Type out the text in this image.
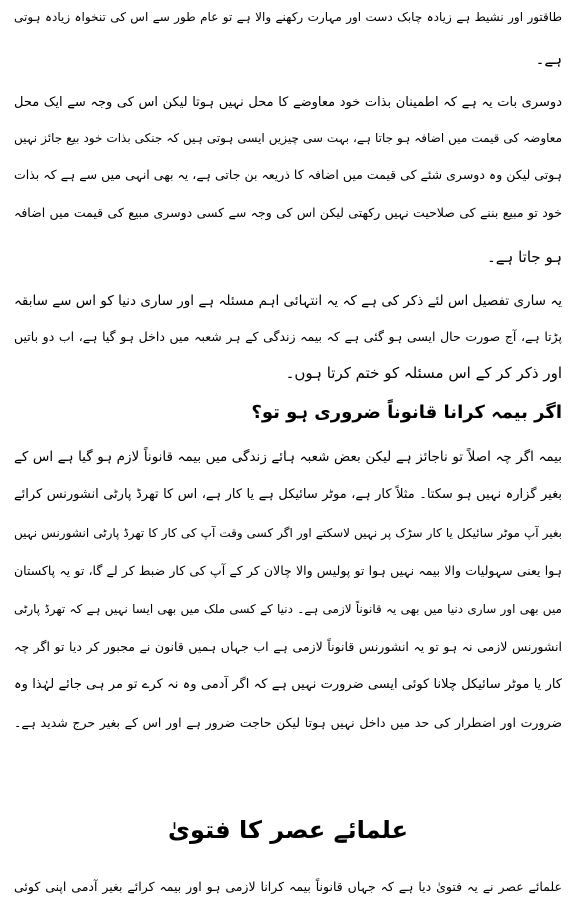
طاقتور اور نشیط ہے زیادہ چابک دست اور مہارت رکھنے والا ہے تو عام طور سے اس کی تنخواہ زیادہ ہوتی
ہے۔
دوسری بات یہ ہے کہ اطمینان بذات خود معاوضے کا محل نہیں ہوتا لیکن اس کی وجہ سے ایک محل
معاوضہ کی قیمت میں اضافہ ہو جاتا ہے، بہت سی چیزیں ایسی ہوتی ہیں کہ جنکی بذات خود بیع جائز نہیں
ہوتی لیکن وہ دوسری شئے کی قیمت میں اضافہ کا ذریعہ بن جاتی ہے، یہ بھی انہی میں سے ہے کہ بذات
خود تو مبیع بننے کی صلاحیت نہیں رکھتی لیکن اس کی وجہ سے کسی دوسری مبیع کی قیمت میں اضافہ
ہو جاتا ہے۔
یہ ساری تفصیل اس لئے ذکر کی ہے کہ یہ انتہائی اہم مسئلہ ہے اور ساری دنیا کو اس سے سابقہ
پڑتا ہے، آج صورت حال ایسی ہو گئی ہے کہ بیمہ زندگی کے ہر شعبہ میں داخل ہو گیا ہے، اب دو باتیں
اور ذکر کر کے اس مسئلہ کو ختم کرتا ہوں۔
اگر بیمہ کرانا قانوناً ضروری ہو تو؟
بیمہ اگر چہ اصلاً تو ناجائز ہے لیکن بعض شعبہ ہائے زندگی میں بیمہ قانوناً لازم ہو گیا ہے اس کے
بغیر گزارہ نہیں ہو سکتا۔ مثلاً کار ہے، موٹر سائیکل ہے یا کار ہے، اس کا تھرڈ پارٹی انشورنس کرائے
بغیر آپ موٹر سائیکل یا کار سڑک پر نہیں لاسکتے اور اگر کسی وقت آپ کی کار کا تھرڈ پارٹی انشورنس نہیں
ہوا یعنی سہولیات والا بیمہ نہیں ہوا تو پولیس والا چالان کر کے آپ کی کار ضبط کر لے گا، تو یہ پاکستان
میں بھی اور ساری دنیا میں بھی یہ قانوناً لازمی ہے۔ دنیا کے کسی ملک میں بھی ایسا نہیں ہے کہ تھرڈ پارٹی
انشورنس لازمی نہ ہو تو یہ انشورنس قانوناً لازمی ہے اب جہاں ہمیں قانون نے مجبور کر دیا تو اگر چہ
کار یا موٹر سائیکل چلانا کوئی ایسی ضرورت نہیں ہے کہ اگر آدمی وہ نہ کرے تو مر ہی جائے لہٰذا وہ
ضرورت اور اضطرار کی حد میں داخل نہیں ہوتا لیکن حاجت ضرور ہے اور اس کے بغیر حرج شدید ہے۔
علمائے عصر کا فتویٰ
علمائے عصر نے یہ فتویٰ دیا ہے کہ جہاں قانوناً بیمہ کرانا لازمی ہو اور بیمہ کرائے بغیر آدمی اپنی کوئی
